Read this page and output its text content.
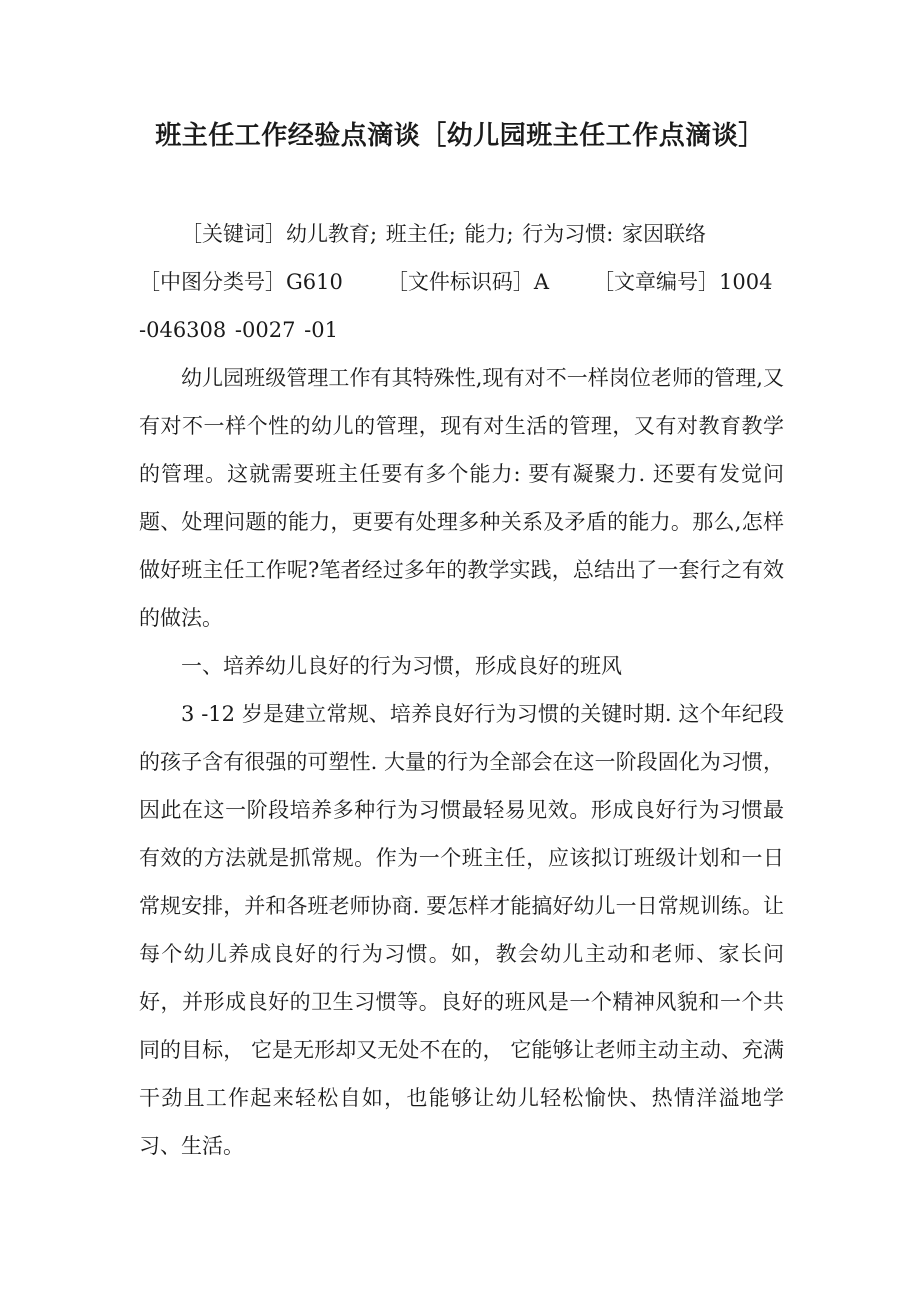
班主任工作经验点滴谈［幼儿园班主任工作点滴谈］

［关键词］幼儿教育; 班主任; 能力; 行为习惯: 家因联络［中图分类号］G610 ［文件标识码］A ［文章编号］1004 -046308 -0027 -01

幼儿园班级管理工作有其特殊性,现有对不一样岗位老师的管理,又有对不一样个性的幼儿的管理，现有对生活的管理，又有对教育教学的管理。这就需要班主任要有多个能力: 要有凝聚力. 还要有发觉问题、处理问题的能力，更要有处理多种关系及矛盾的能力。那么,怎样做好班主任工作呢?笔者经过多年的教学实践，总结出了一套行之有效的做法。

一、培养幼儿良好的行为习惯，形成良好的班风

3 -12 岁是建立常规、培养良好行为习惯的关键时期. 这个年纪段的孩子含有很强的可塑性. 大量的行为全部会在这一阶段固化为习惯，因此在这一阶段培养多种行为习惯最轻易见效。形成良好行为习惯最有效的方法就是抓常规。作为一个班主任，应该拟订班级计划和一日常规安排，并和各班老师协商. 要怎样才能搞好幼儿一日常规训练。让每个幼儿养成良好的行为习惯。如，教会幼儿主动和老师、家长问好，并形成良好的卫生习惯等。良好的班风是一个精神风貌和一个共同的目标， 它是无形却又无处不在的， 它能够让老师主动主动、充满干劲且工作起来轻松自如，也能够让幼儿轻松愉快、热情洋溢地学习、生活。
